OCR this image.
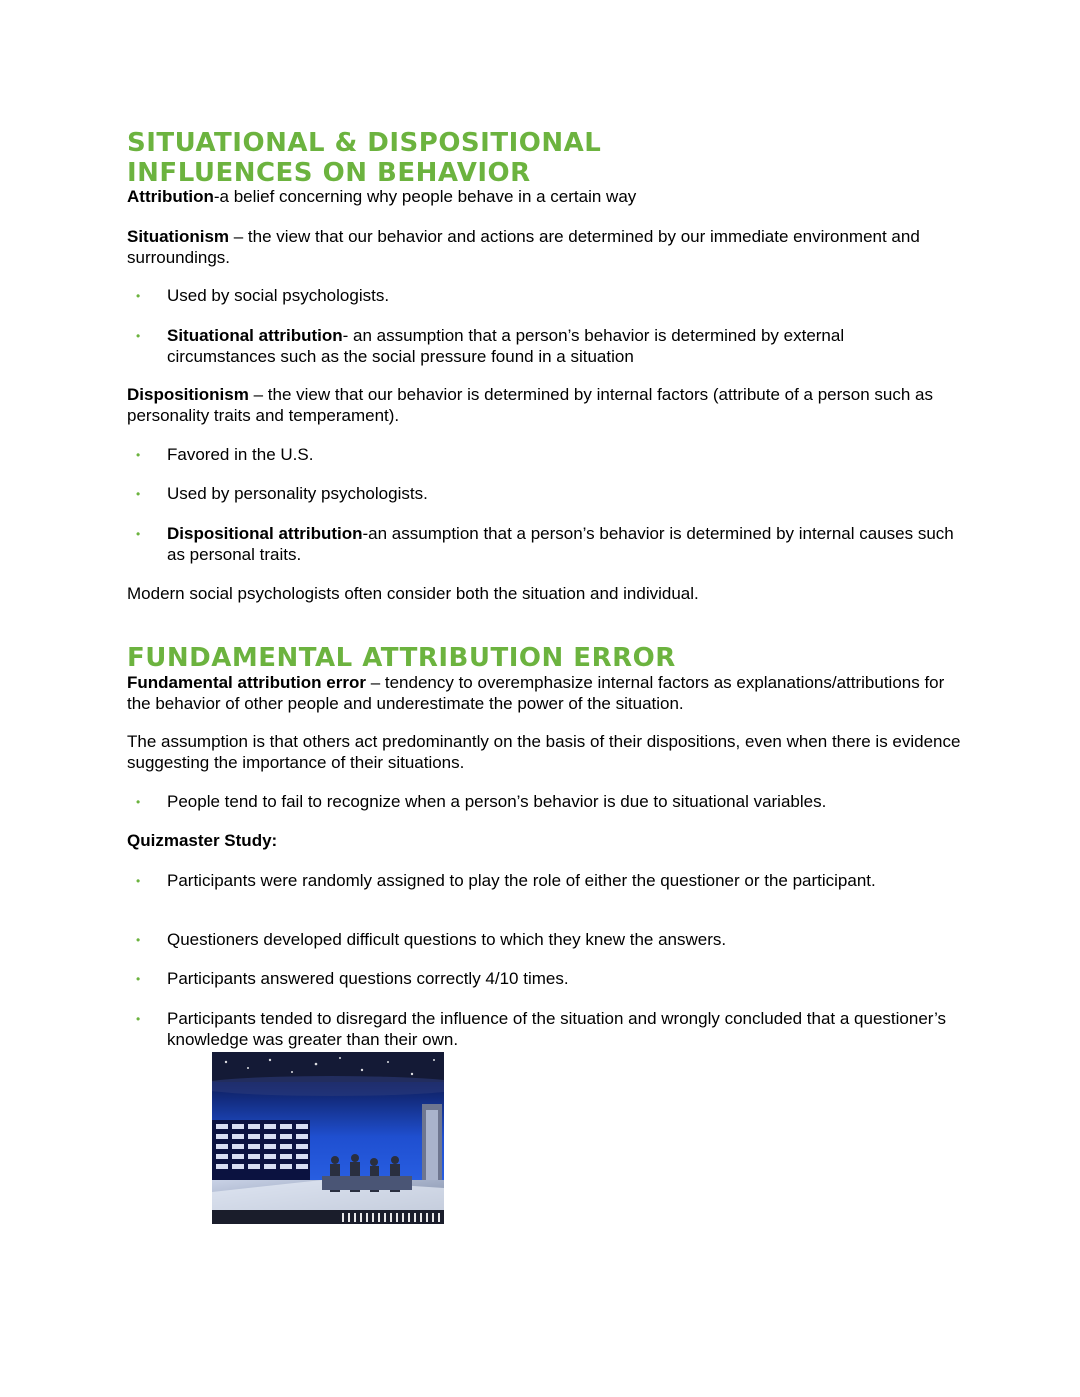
SITUATIONAL & DISPOSITIONAL
INFLUENCES ON BEHAVIOR

Attribution-a belief concerning why people behave in a certain way

Situationism – the view that our behavior and actions are determined by our immediate environment and surroundings.

• Used by social psychologists.
• Situational attribution- an assumption that a person’s behavior is determined by external circumstances such as the social pressure found in a situation

Dispositionism – the view that our behavior is determined by internal factors (attribute of a person such as personality traits and temperament).

• Favored in the U.S.
• Used by personality psychologists.
• Dispositional attribution-an assumption that a person’s behavior is determined by internal causes such as personal traits.

Modern social psychologists often consider both the situation and individual.

FUNDAMENTAL ATTRIBUTION ERROR

Fundamental attribution error – tendency to overemphasize internal factors as explanations/attributions for the behavior of other people and underestimate the power of the situation.

The assumption is that others act predominantly on the basis of their dispositions, even when there is evidence suggesting the importance of their situations.

• People tend to fail to recognize when a person’s behavior is due to situational variables.

Quizmaster Study:

• Participants were randomly assigned to play the role of either the questioner or the participant.
• Questioners developed difficult questions to which they knew the answers.
• Participants answered questions correctly 4/10 times.
• Participants tended to disregard the influence of the situation and wrongly concluded that a questioner’s knowledge was greater than their own.
